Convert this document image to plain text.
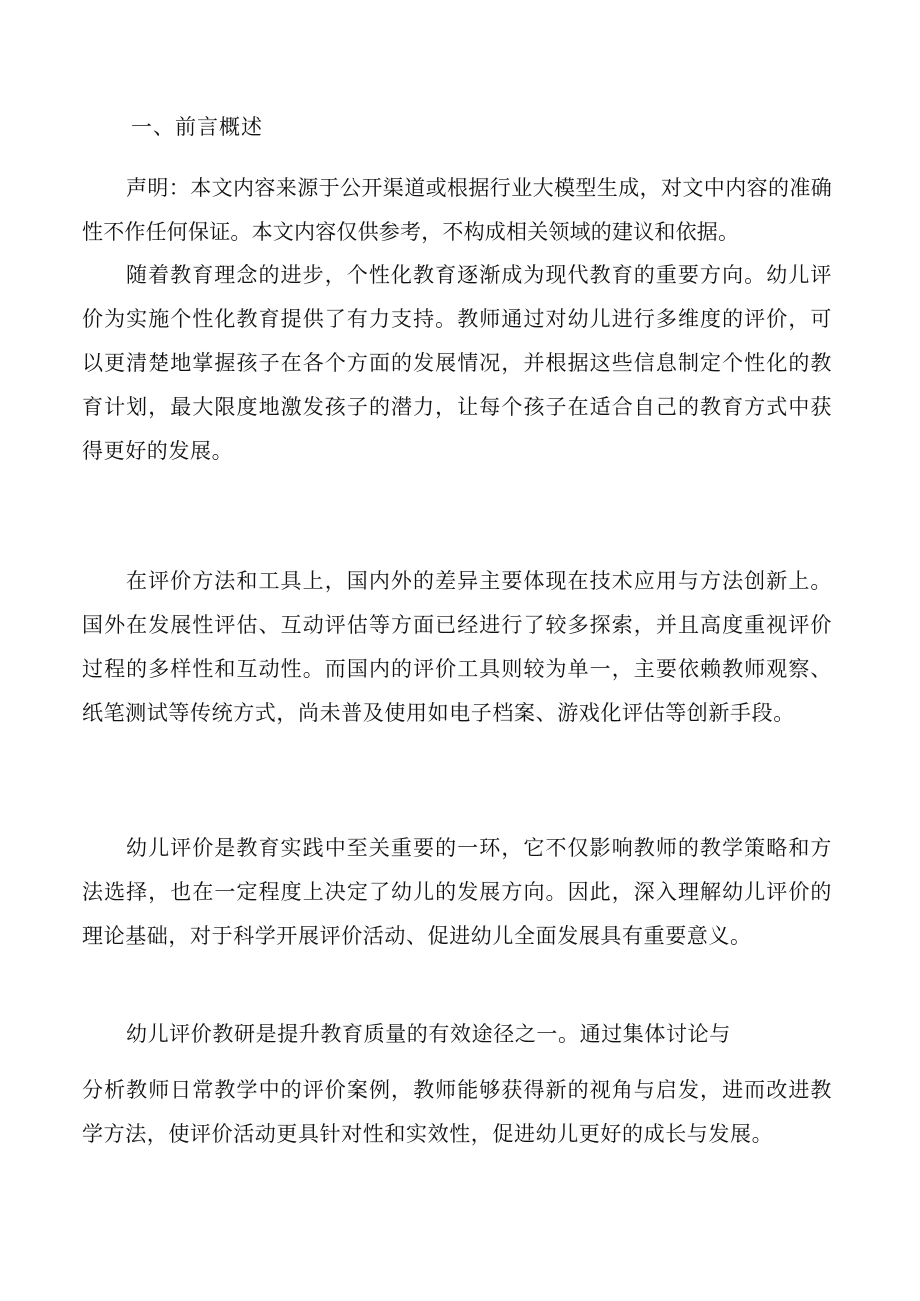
一、前言概述
声明：本文内容来源于公开渠道或根据行业大模型生成，对文中内容的准确性不作任何保证。本文内容仅供参考，不构成相关领域的建议和依据。
随着教育理念的进步，个性化教育逐渐成为现代教育的重要方向。幼儿评价为实施个性化教育提供了有力支持。教师通过对幼儿进行多维度的评价，可以更清楚地掌握孩子在各个方面的发展情况，并根据这些信息制定个性化的教育计划，最大限度地激发孩子的潜力，让每个孩子在适合自己的教育方式中获得更好的发展。
在评价方法和工具上，国内外的差异主要体现在技术应用与方法创新上。国外在发展性评估、互动评估等方面已经进行了较多探索，并且高度重视评价过程的多样性和互动性。而国内的评价工具则较为单一，主要依赖教师观察、纸笔测试等传统方式，尚未普及使用如电子档案、游戏化评估等创新手段。
幼儿评价是教育实践中至关重要的一环，它不仅影响教师的教学策略和方法选择，也在一定程度上决定了幼儿的发展方向。因此，深入理解幼儿评价的理论基础，对于科学开展评价活动、促进幼儿全面发展具有重要意义。
幼儿评价教研是提升教育质量的有效途径之一。通过集体讨论与
分析教师日常教学中的评价案例，教师能够获得新的视角与启发，进而改进教学方法，使评价活动更具针对性和实效性，促进幼儿更好的成长与发展。
